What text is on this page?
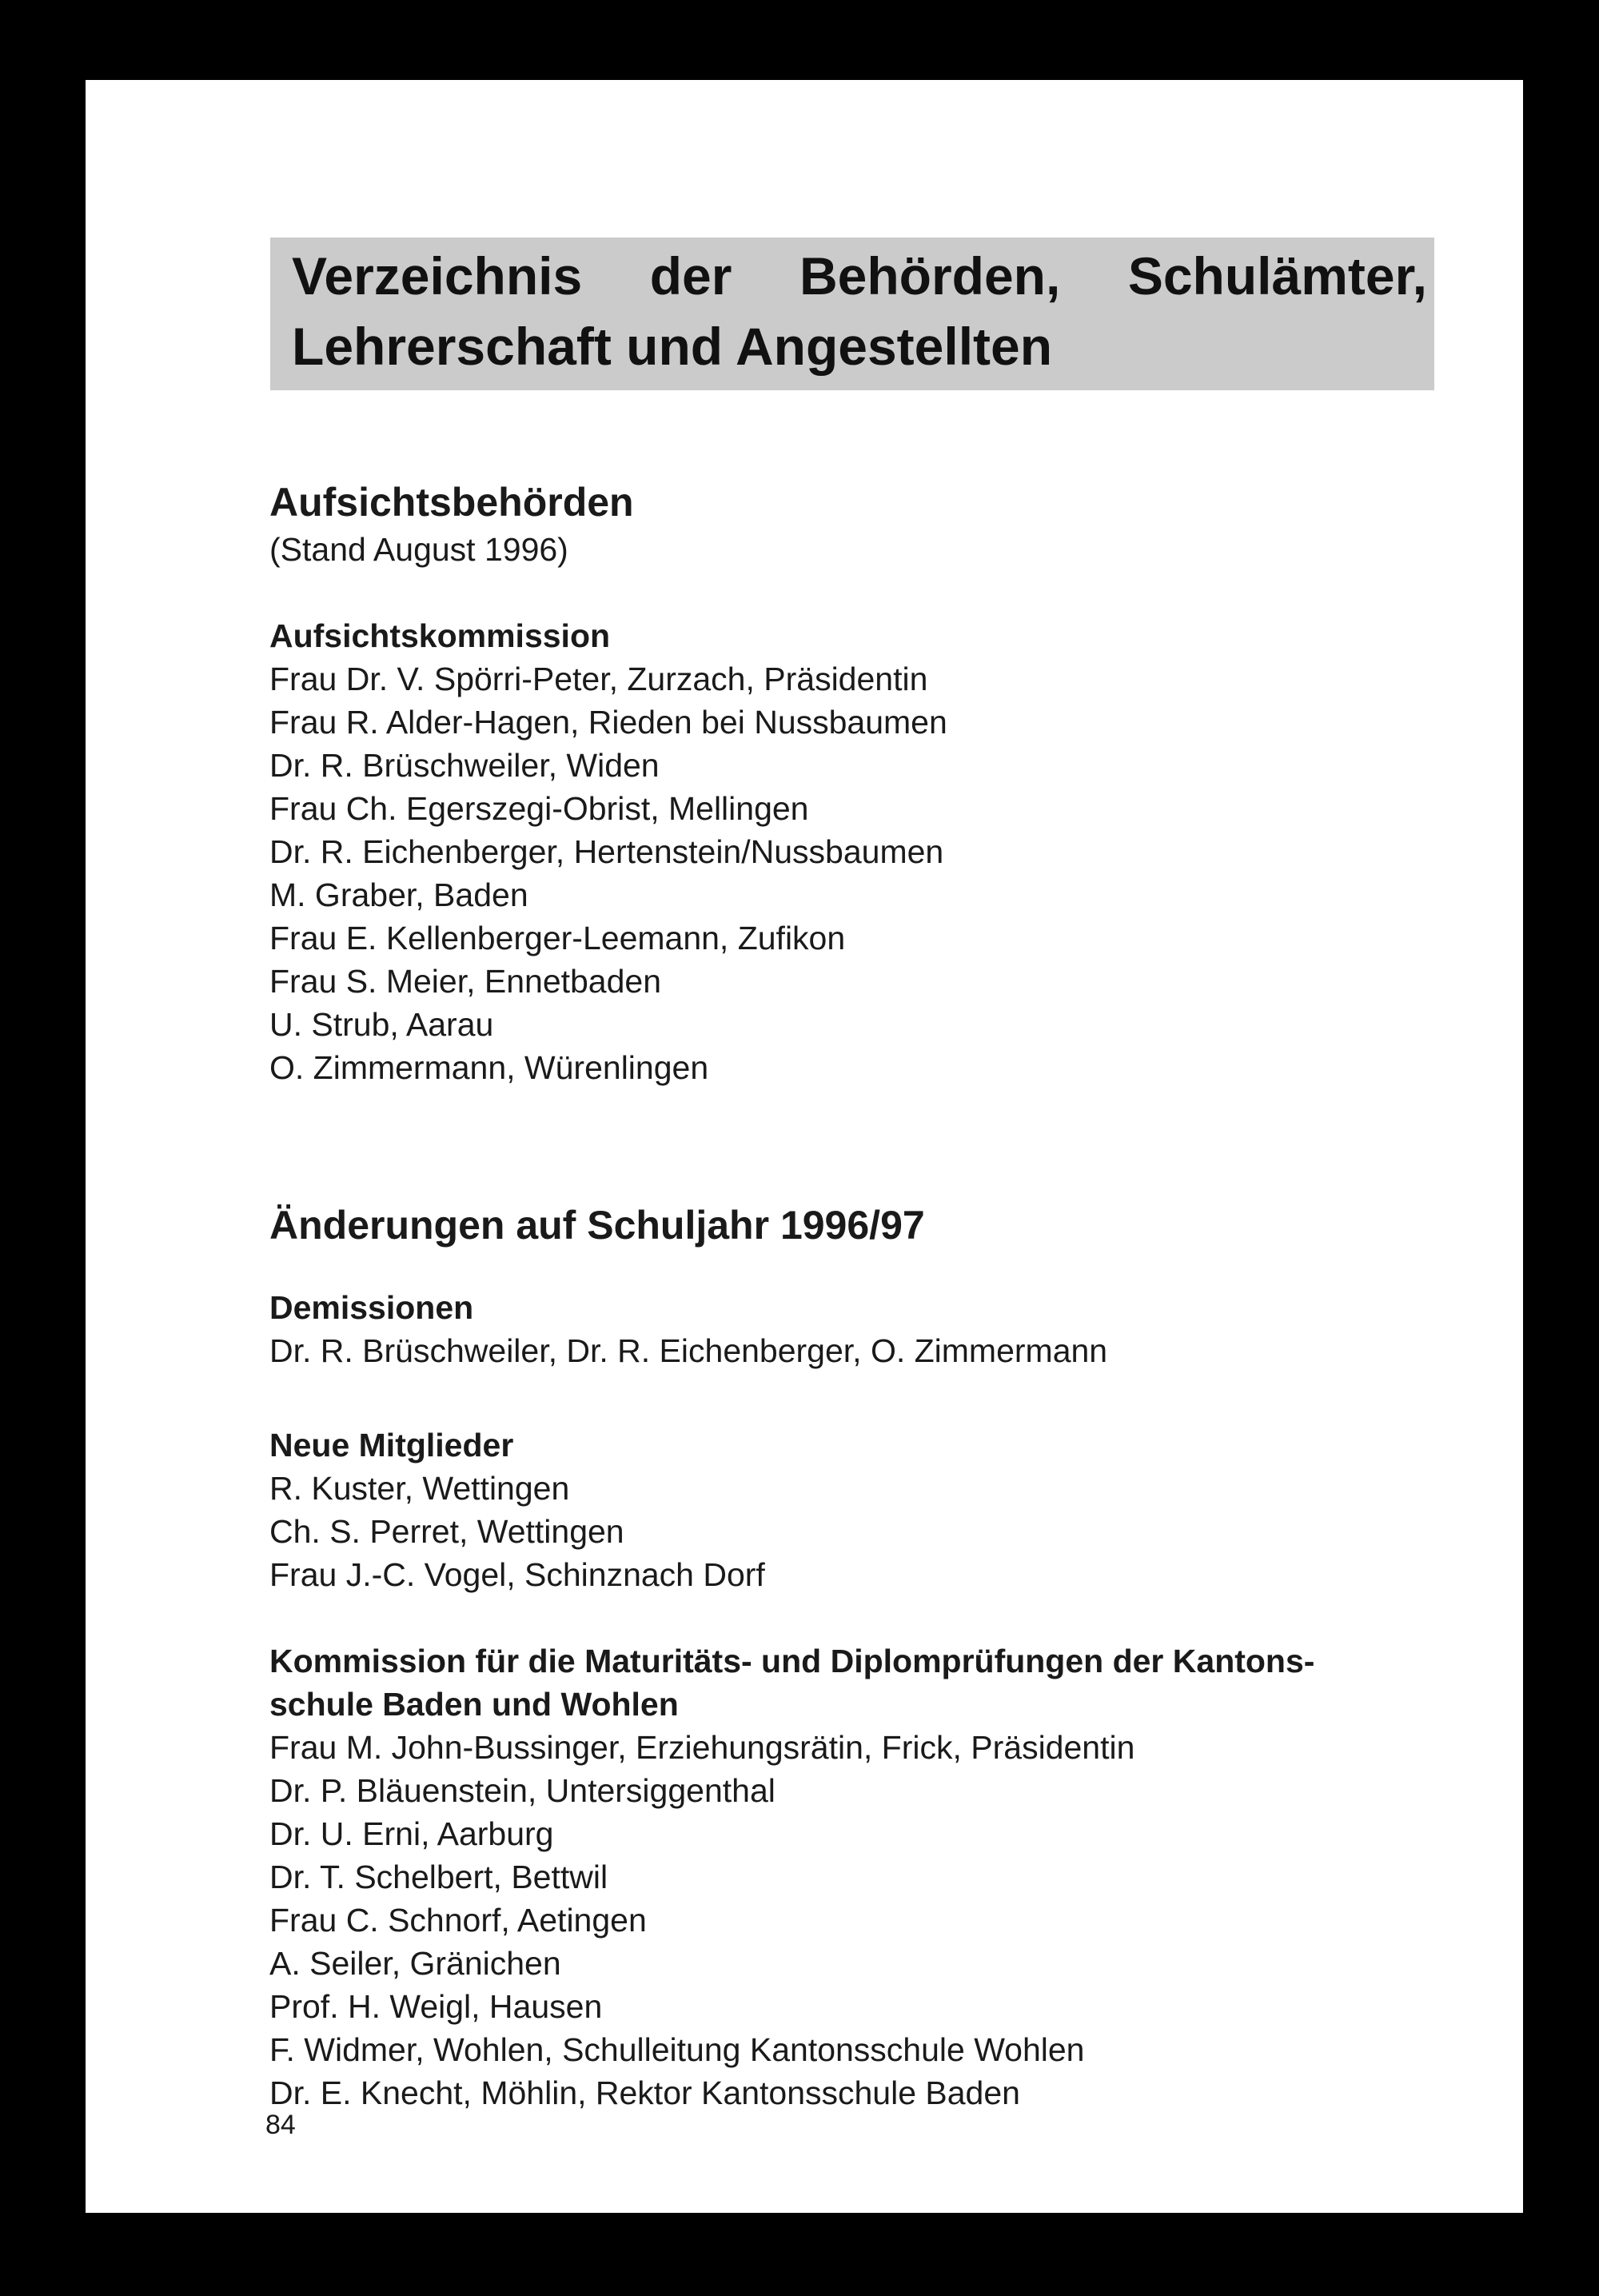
Verzeichnis der Behörden, Schulämter,
Lehrerschaft und Angestellten
Aufsichtsbehörden
(Stand August 1996)
Aufsichtskommission
Frau Dr. V. Spörri-Peter, Zurzach, Präsidentin
Frau R. Alder-Hagen, Rieden bei Nussbaumen
Dr. R. Brüschweiler, Widen
Frau Ch. Egerszegi-Obrist, Mellingen
Dr. R. Eichenberger, Hertenstein/Nussbaumen
M. Graber, Baden
Frau E. Kellenberger-Leemann, Zufikon
Frau S. Meier, Ennetbaden
U. Strub, Aarau
O. Zimmermann, Würenlingen
Änderungen auf Schuljahr 1996/97
Demissionen
Dr. R. Brüschweiler, Dr. R. Eichenberger, O. Zimmermann
Neue Mitglieder
R. Kuster, Wettingen
Ch. S. Perret, Wettingen
Frau J.-C. Vogel, Schinznach Dorf
Kommission für die Maturitäts- und Diplomprüfungen der Kantons-
schule Baden und Wohlen
Frau M. John-Bussinger, Erziehungsrätin, Frick, Präsidentin
Dr. P. Bläuenstein, Untersiggenthal
Dr. U. Erni, Aarburg
Dr. T. Schelbert, Bettwil
Frau C. Schnorf, Aetingen
A. Seiler, Gränichen
Prof. H. Weigl, Hausen
F. Widmer, Wohlen, Schulleitung Kantonsschule Wohlen
Dr. E. Knecht, Möhlin, Rektor Kantonsschule Baden
84
